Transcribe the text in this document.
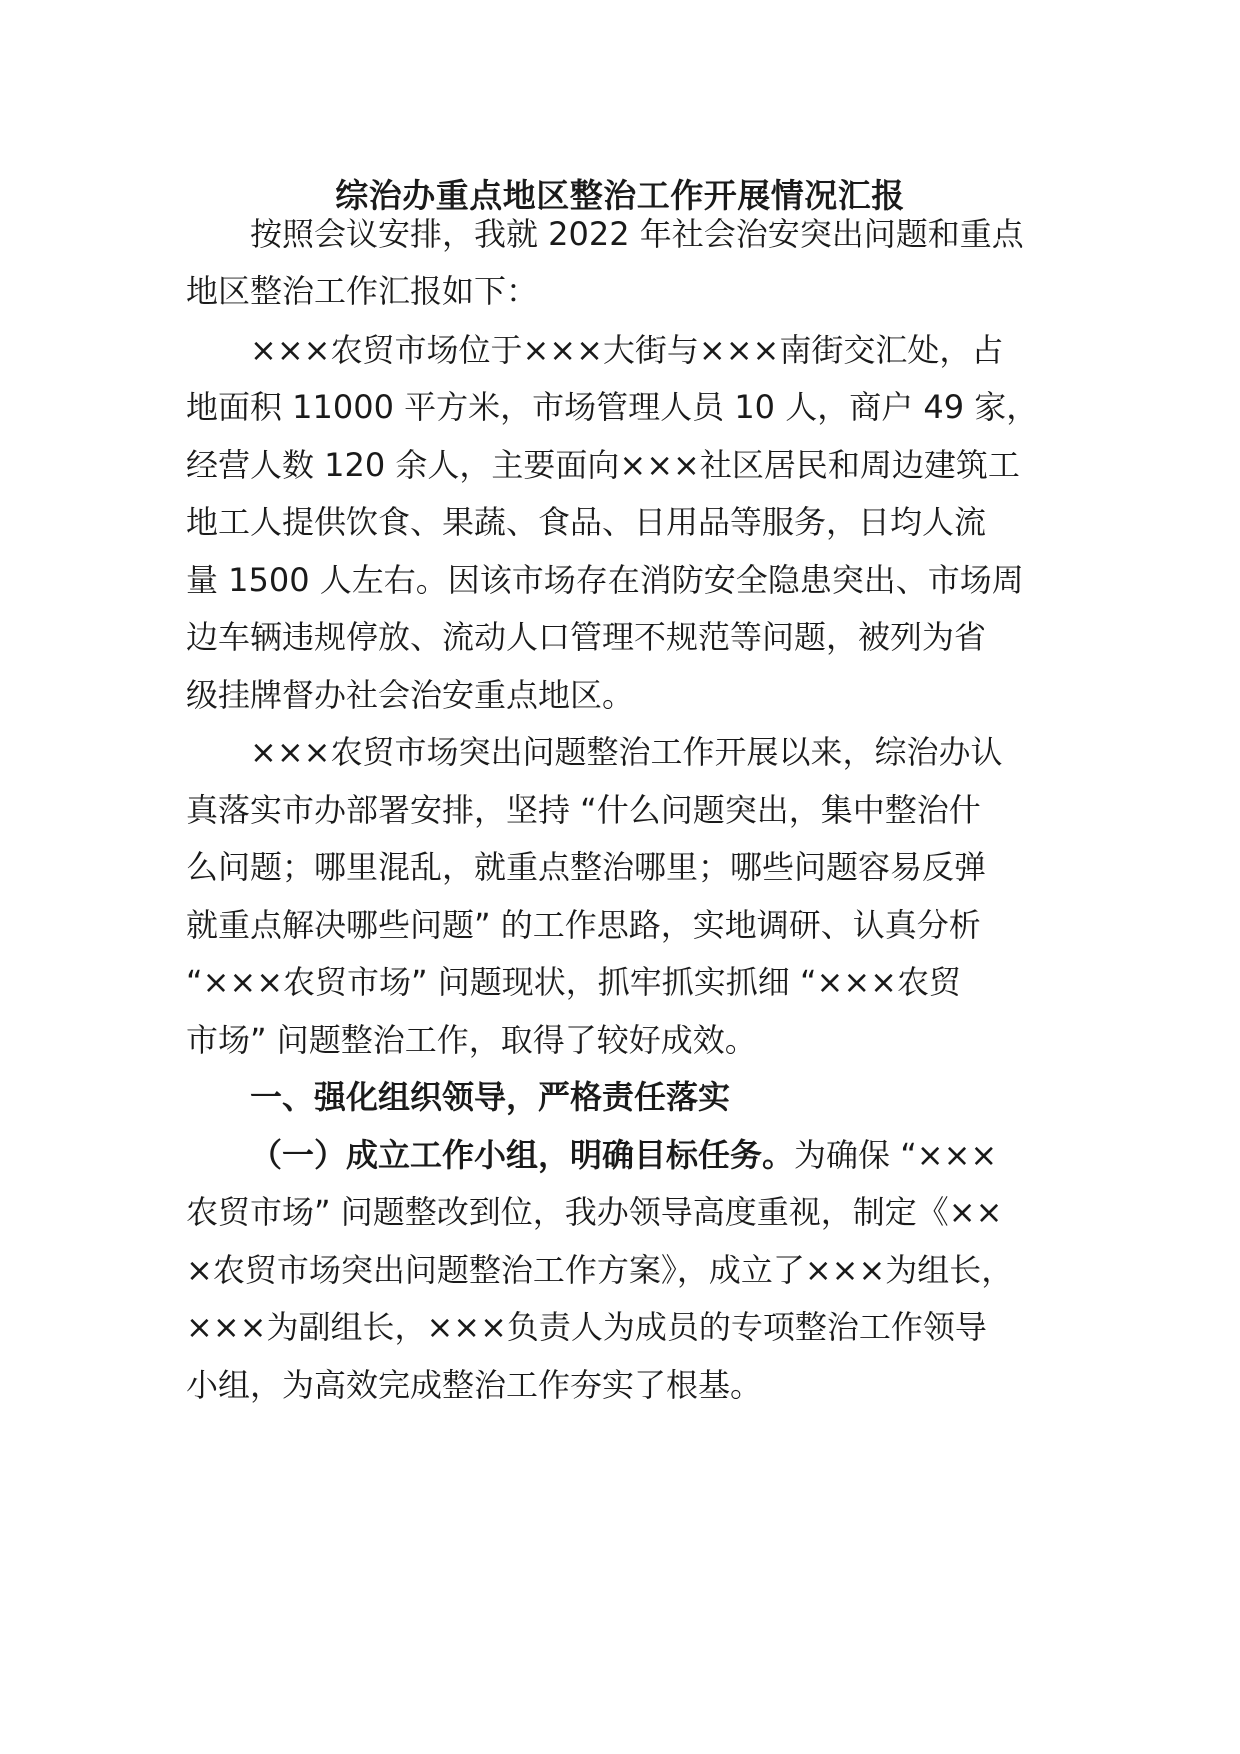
综治办重点地区整治工作开展情况汇报
按照会议安排，我就 2022 年社会治安突出问题和重点
地区整治工作汇报如下：
×××农贸市场位于×××大街与×××南街交汇处，占
地面积 11000 平方米，市场管理人员 10 人，商户 49 家，
经营人数 120 余人，主要面向×××社区居民和周边建筑工
地工人提供饮食、果蔬、食品、日用品等服务，日均人流
量 1500 人左右。因该市场存在消防安全隐患突出、市场周
边车辆违规停放、流动人口管理不规范等问题，被列为省
级挂牌督办社会治安重点地区。
×××农贸市场突出问题整治工作开展以来，综治办认
真落实市办部署安排，坚持 “什么问题突出，集中整治什
么问题；哪里混乱，就重点整治哪里；哪些问题容易反弹
就重点解决哪些问题” 的工作思路，实地调研、认真分析
“×××农贸市场” 问题现状，抓牢抓实抓细 “×××农贸
市场” 问题整治工作，取得了较好成效。
一、强化组织领导，严格责任落实
（一）成立工作小组，明确目标任务。为确保 “×××
农贸市场” 问题整改到位，我办领导高度重视，制定《××
×农贸市场突出问题整治工作方案》，成立了×××为组长，
×××为副组长，×××负责人为成员的专项整治工作领导
小组，为高效完成整治工作夯实了根基。
